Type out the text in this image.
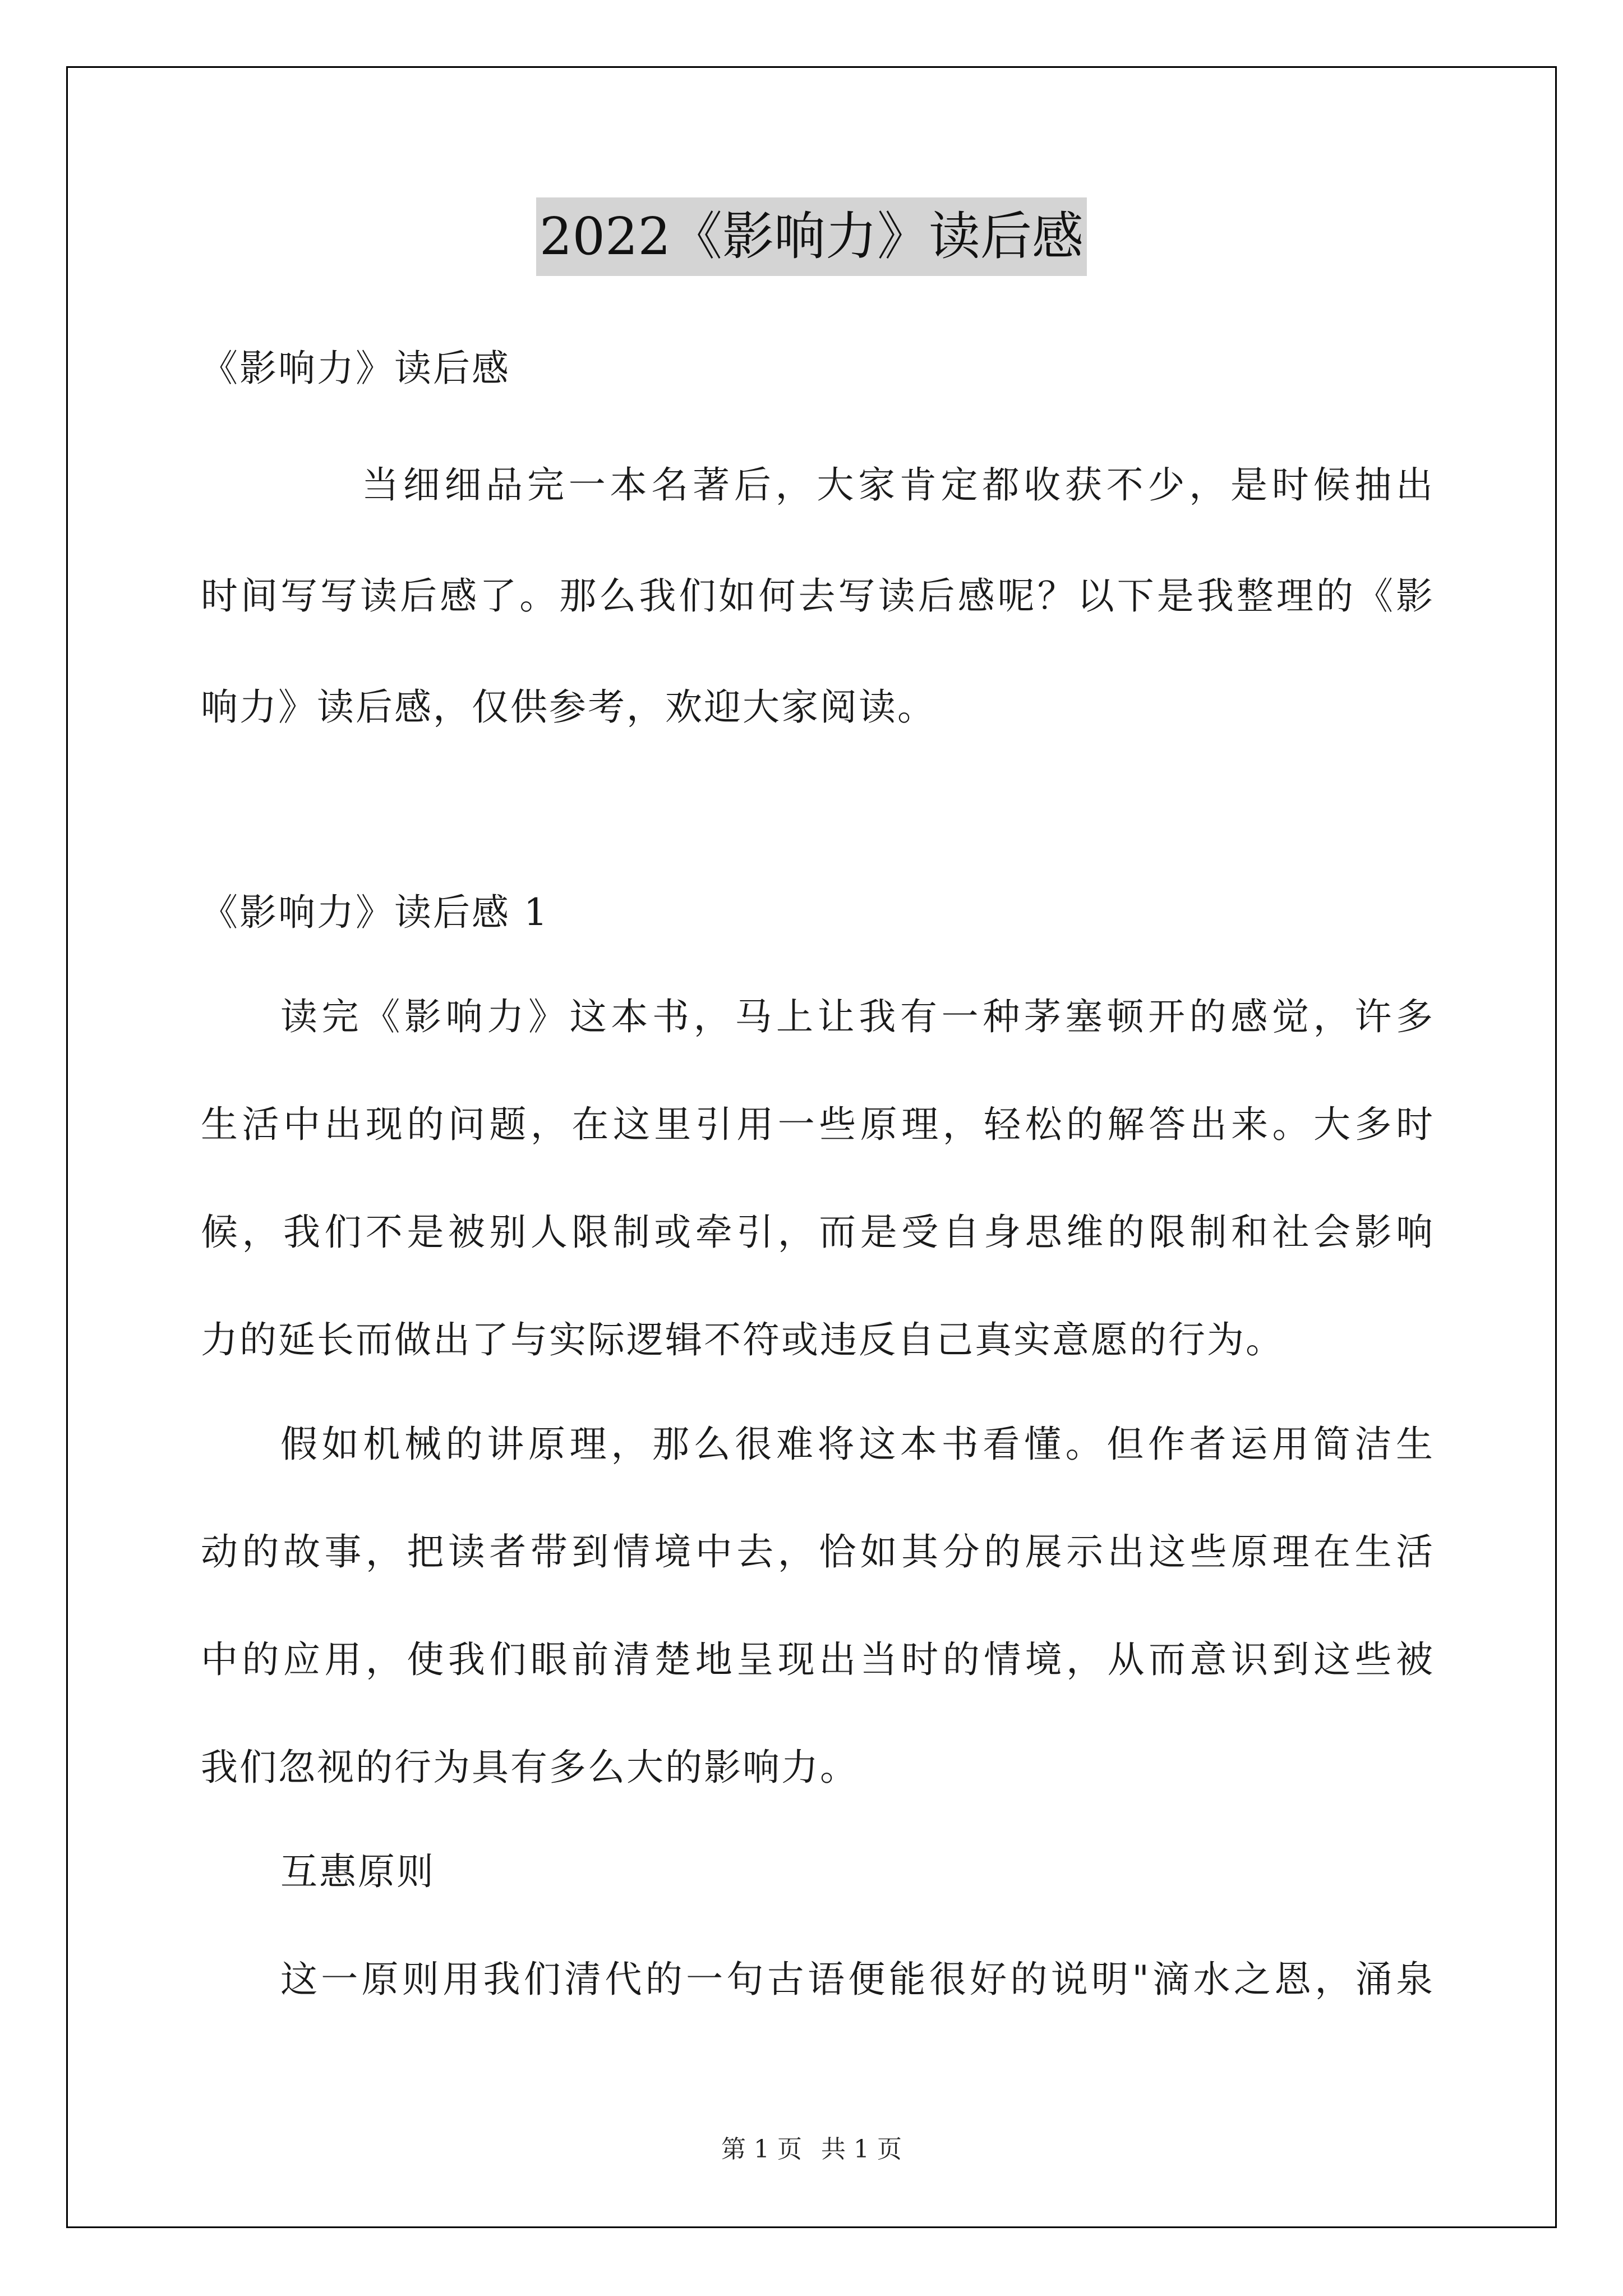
2022《影响力》读后感
《影响力》读后感
当细细品完一本名著后，大家肯定都收获不少，是时候抽出
时间写写读后感了。那么我们如何去写读后感呢？以下是我整理的《影
响力》读后感，仅供参考，欢迎大家阅读。
《影响力》读后感 1
读完《影响力》这本书，马上让我有一种茅塞顿开的感觉，许多
生活中出现的问题，在这里引用一些原理，轻松的解答出来。大多时
候，我们不是被别人限制或牵引，而是受自身思维的限制和社会影响
力的延长而做出了与实际逻辑不符或违反自己真实意愿的行为。
假如机械的讲原理，那么很难将这本书看懂。但作者运用简洁生
动的故事，把读者带到情境中去，恰如其分的展示出这些原理在生活
中的应用，使我们眼前清楚地呈现出当时的情境，从而意识到这些被
我们忽视的行为具有多么大的影响力。
互惠原则
这一原则用我们清代的一句古语便能很好的说明"滴水之恩，涌泉
第 1 页 共 1 页
